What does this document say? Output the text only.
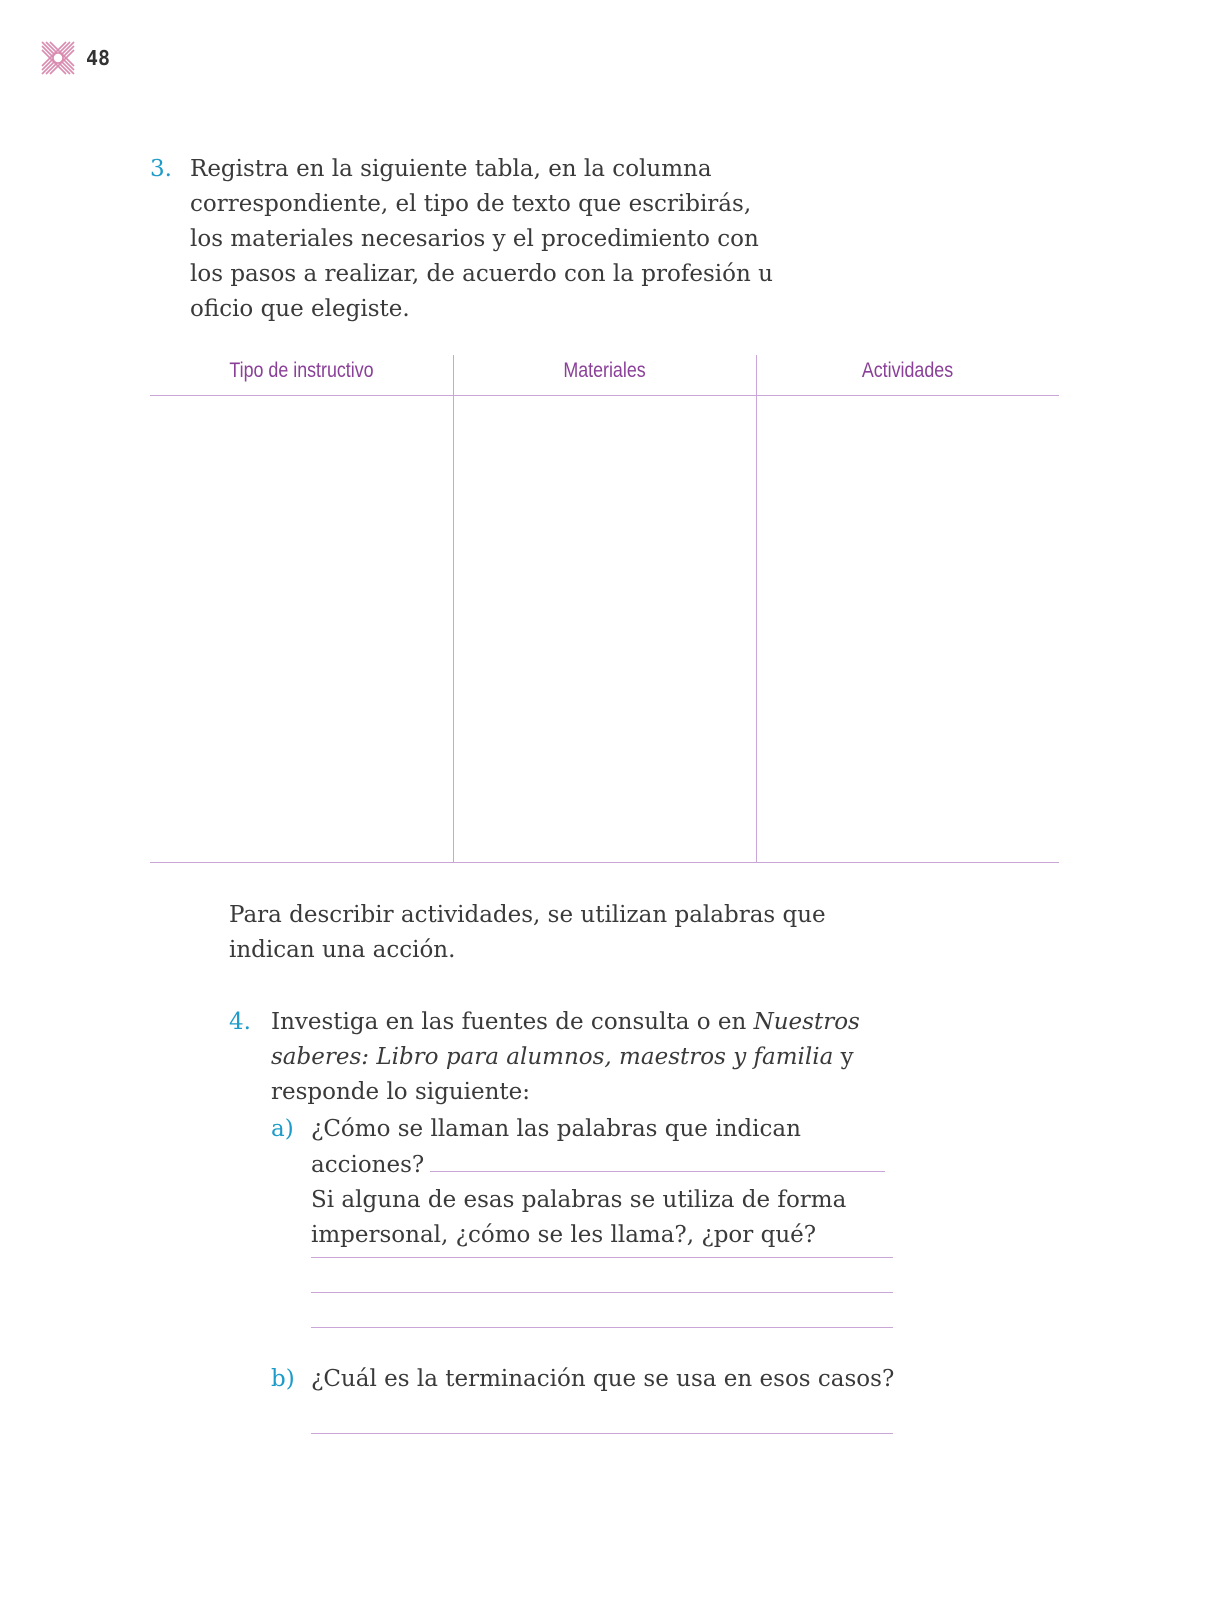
48
3. Registra en la siguiente tabla, en la columna correspondiente, el tipo de texto que escribirás, los materiales necesarios y el procedimiento con los pasos a realizar, de acuerdo con la profesión u oficio que elegiste.
Tipo de instructivo	Materiales	Actividades
Para describir actividades, se utilizan palabras que indican una acción.
4. Investiga en las fuentes de consulta o en Nuestros saberes: Libro para alumnos, maestros y familia y responde lo siguiente:
a) ¿Cómo se llaman las palabras que indican acciones?
Si alguna de esas palabras se utiliza de forma impersonal, ¿cómo se les llama?, ¿por qué?
b) ¿Cuál es la terminación que se usa en esos casos?
